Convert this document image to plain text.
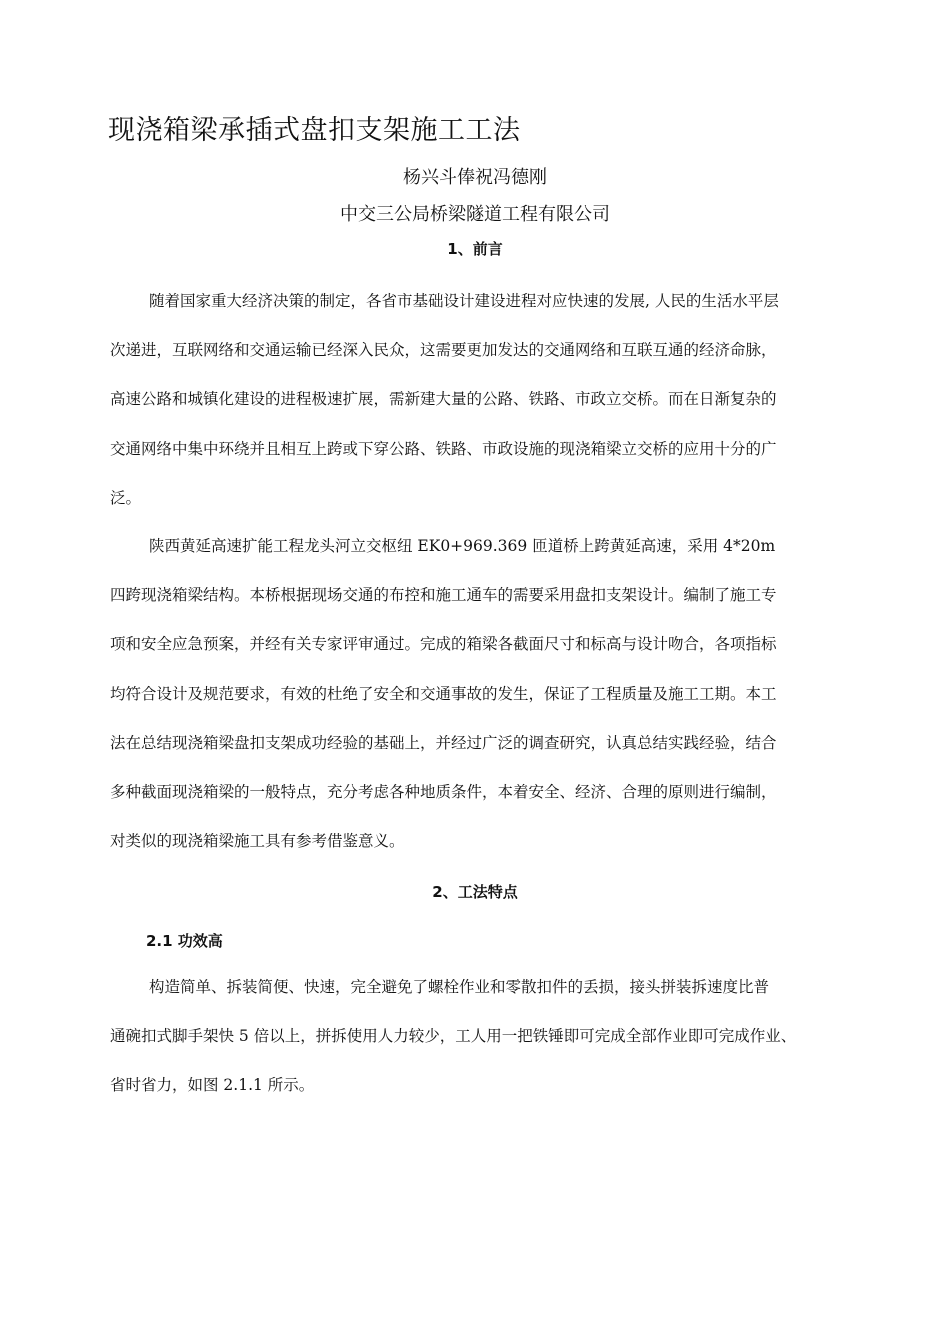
现浇箱梁承插式盘扣支架施工工法
杨兴斗俸祝冯德刚
中交三公局桥梁隧道工程有限公司
1、前言
随着国家重大经济决策的制定，各省市基础设计建设进程对应快速的发展, 人民的生活水平层
次递进，互联网络和交通运输已经深入民众，这需要更加发达的交通网络和互联互通的经济命脉，
高速公路和城镇化建设的进程极速扩展，需新建大量的公路、铁路、市政立交桥。而在日渐复杂的
交通网络中集中环绕并且相互上跨或下穿公路、铁路、市政设施的现浇箱梁立交桥的应用十分的广
泛。
陕西黄延高速扩能工程龙头河立交枢纽 EK0+969.369 匝道桥上跨黄延高速，采用 4*20m
四跨现浇箱梁结构。本桥根据现场交通的布控和施工通车的需要采用盘扣支架设计。编制了施工专
项和安全应急预案，并经有关专家评审通过。完成的箱梁各截面尺寸和标高与设计吻合，各项指标
均符合设计及规范要求，有效的杜绝了安全和交通事故的发生，保证了工程质量及施工工期。本工
法在总结现浇箱梁盘扣支架成功经验的基础上，并经过广泛的调查研究，认真总结实践经验，结合
多种截面现浇箱梁的一般特点，充分考虑各种地质条件，本着安全、经济、合理的原则进行编制，
对类似的现浇箱梁施工具有参考借鉴意义。
2、工法特点
2.1 功效高
构造简单、拆装简便、快速，完全避免了螺栓作业和零散扣件的丢损，接头拼装拆速度比普
通碗扣式脚手架快 5 倍以上，拼拆使用人力较少，工人用一把铁锤即可完成全部作业即可完成作业、
省时省力，如图 2.1.1 所示。
